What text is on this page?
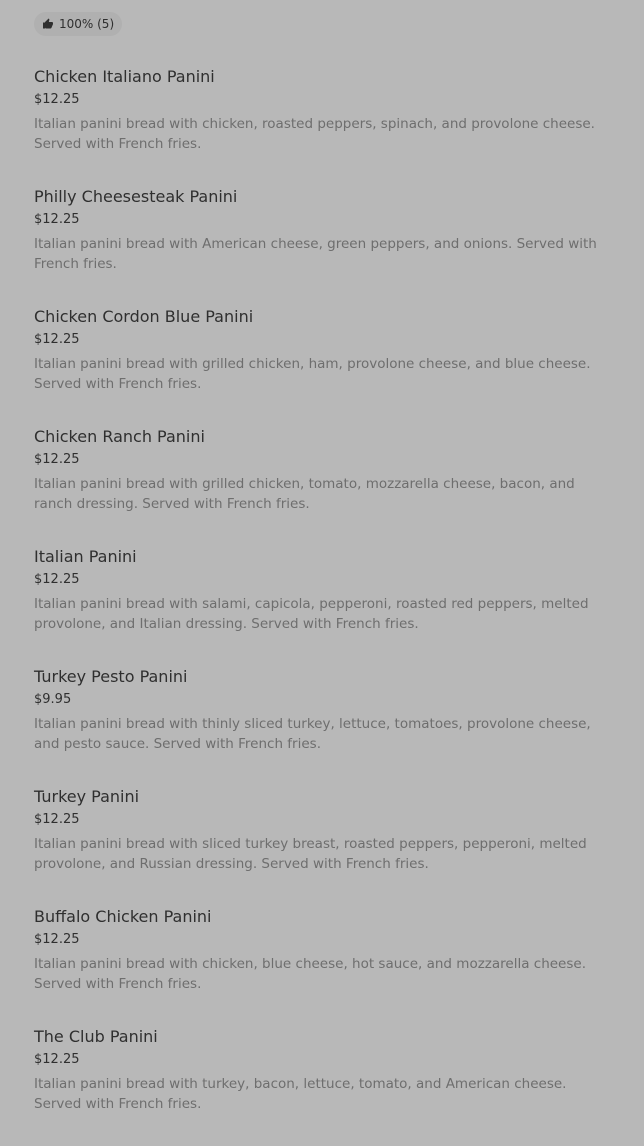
100% (5)
Chicken Italiano Panini
$12.25
Italian panini bread with chicken, roasted peppers, spinach, and provolone cheese. Served with French fries.
Philly Cheesesteak Panini
$12.25
Italian panini bread with American cheese, green peppers, and onions. Served with French fries.
Chicken Cordon Blue Panini
$12.25
Italian panini bread with grilled chicken, ham, provolone cheese, and blue cheese. Served with French fries.
Chicken Ranch Panini
$12.25
Italian panini bread with grilled chicken, tomato, mozzarella cheese, bacon, and ranch dressing. Served with French fries.
Italian Panini
$12.25
Italian panini bread with salami, capicola, pepperoni, roasted red peppers, melted provolone, and Italian dressing. Served with French fries.
Turkey Pesto Panini
$9.95
Italian panini bread with thinly sliced turkey, lettuce, tomatoes, provolone cheese, and pesto sauce. Served with French fries.
Turkey Panini
$12.25
Italian panini bread with sliced turkey breast, roasted peppers, pepperoni, melted provolone, and Russian dressing. Served with French fries.
Buffalo Chicken Panini
$12.25
Italian panini bread with chicken, blue cheese, hot sauce, and mozzarella cheese. Served with French fries.
The Club Panini
$12.25
Italian panini bread with turkey, bacon, lettuce, tomato, and American cheese. Served with French fries.
